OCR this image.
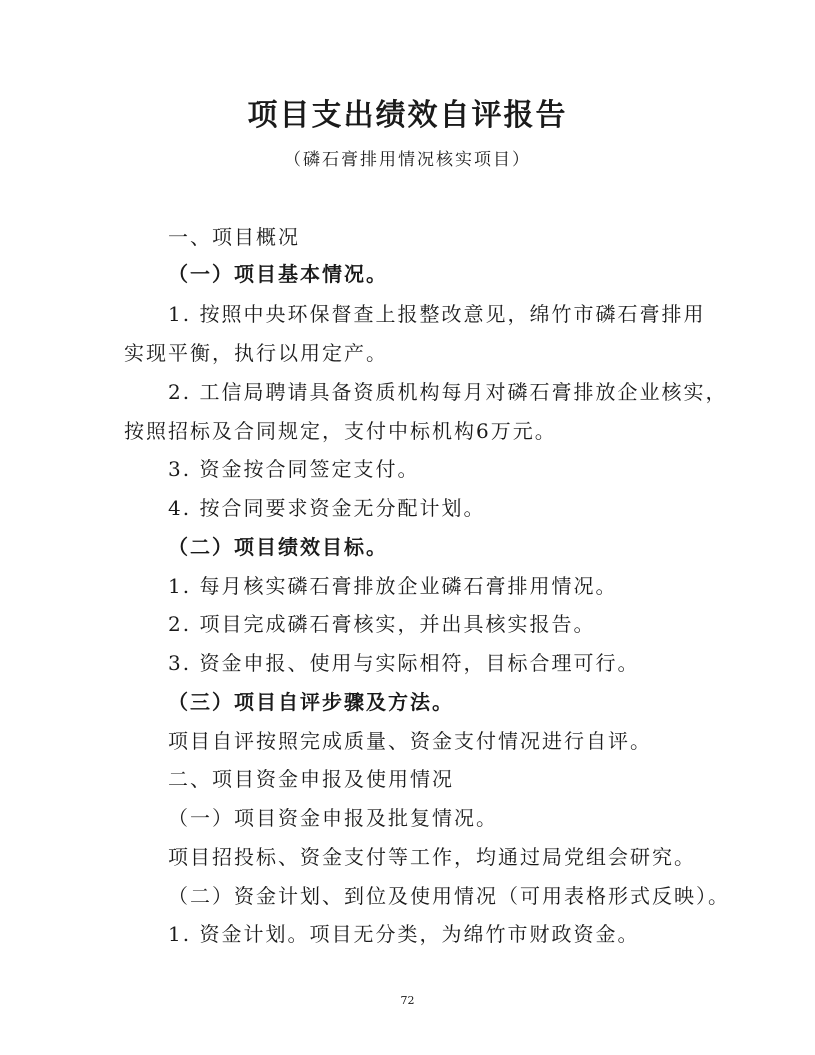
项目支出绩效自评报告
（磷石膏排用情况核实项目）
一、项目概况
（一）项目基本情况。
1. 按照中央环保督查上报整改意见，绵竹市磷石膏排用
实现平衡，执行以用定产。
2. 工信局聘请具备资质机构每月对磷石膏排放企业核实，
按照招标及合同规定，支付中标机构6万元。
3. 资金按合同签定支付。
4. 按合同要求资金无分配计划。
（二）项目绩效目标。
1. 每月核实磷石膏排放企业磷石膏排用情况。
2. 项目完成磷石膏核实，并出具核实报告。
3. 资金申报、使用与实际相符，目标合理可行。
（三）项目自评步骤及方法。
项目自评按照完成质量、资金支付情况进行自评。
二、项目资金申报及使用情况
（一）项目资金申报及批复情况。
项目招投标、资金支付等工作，均通过局党组会研究。
（二）资金计划、到位及使用情况（可用表格形式反映）。
1. 资金计划。项目无分类，为绵竹市财政资金。
72
